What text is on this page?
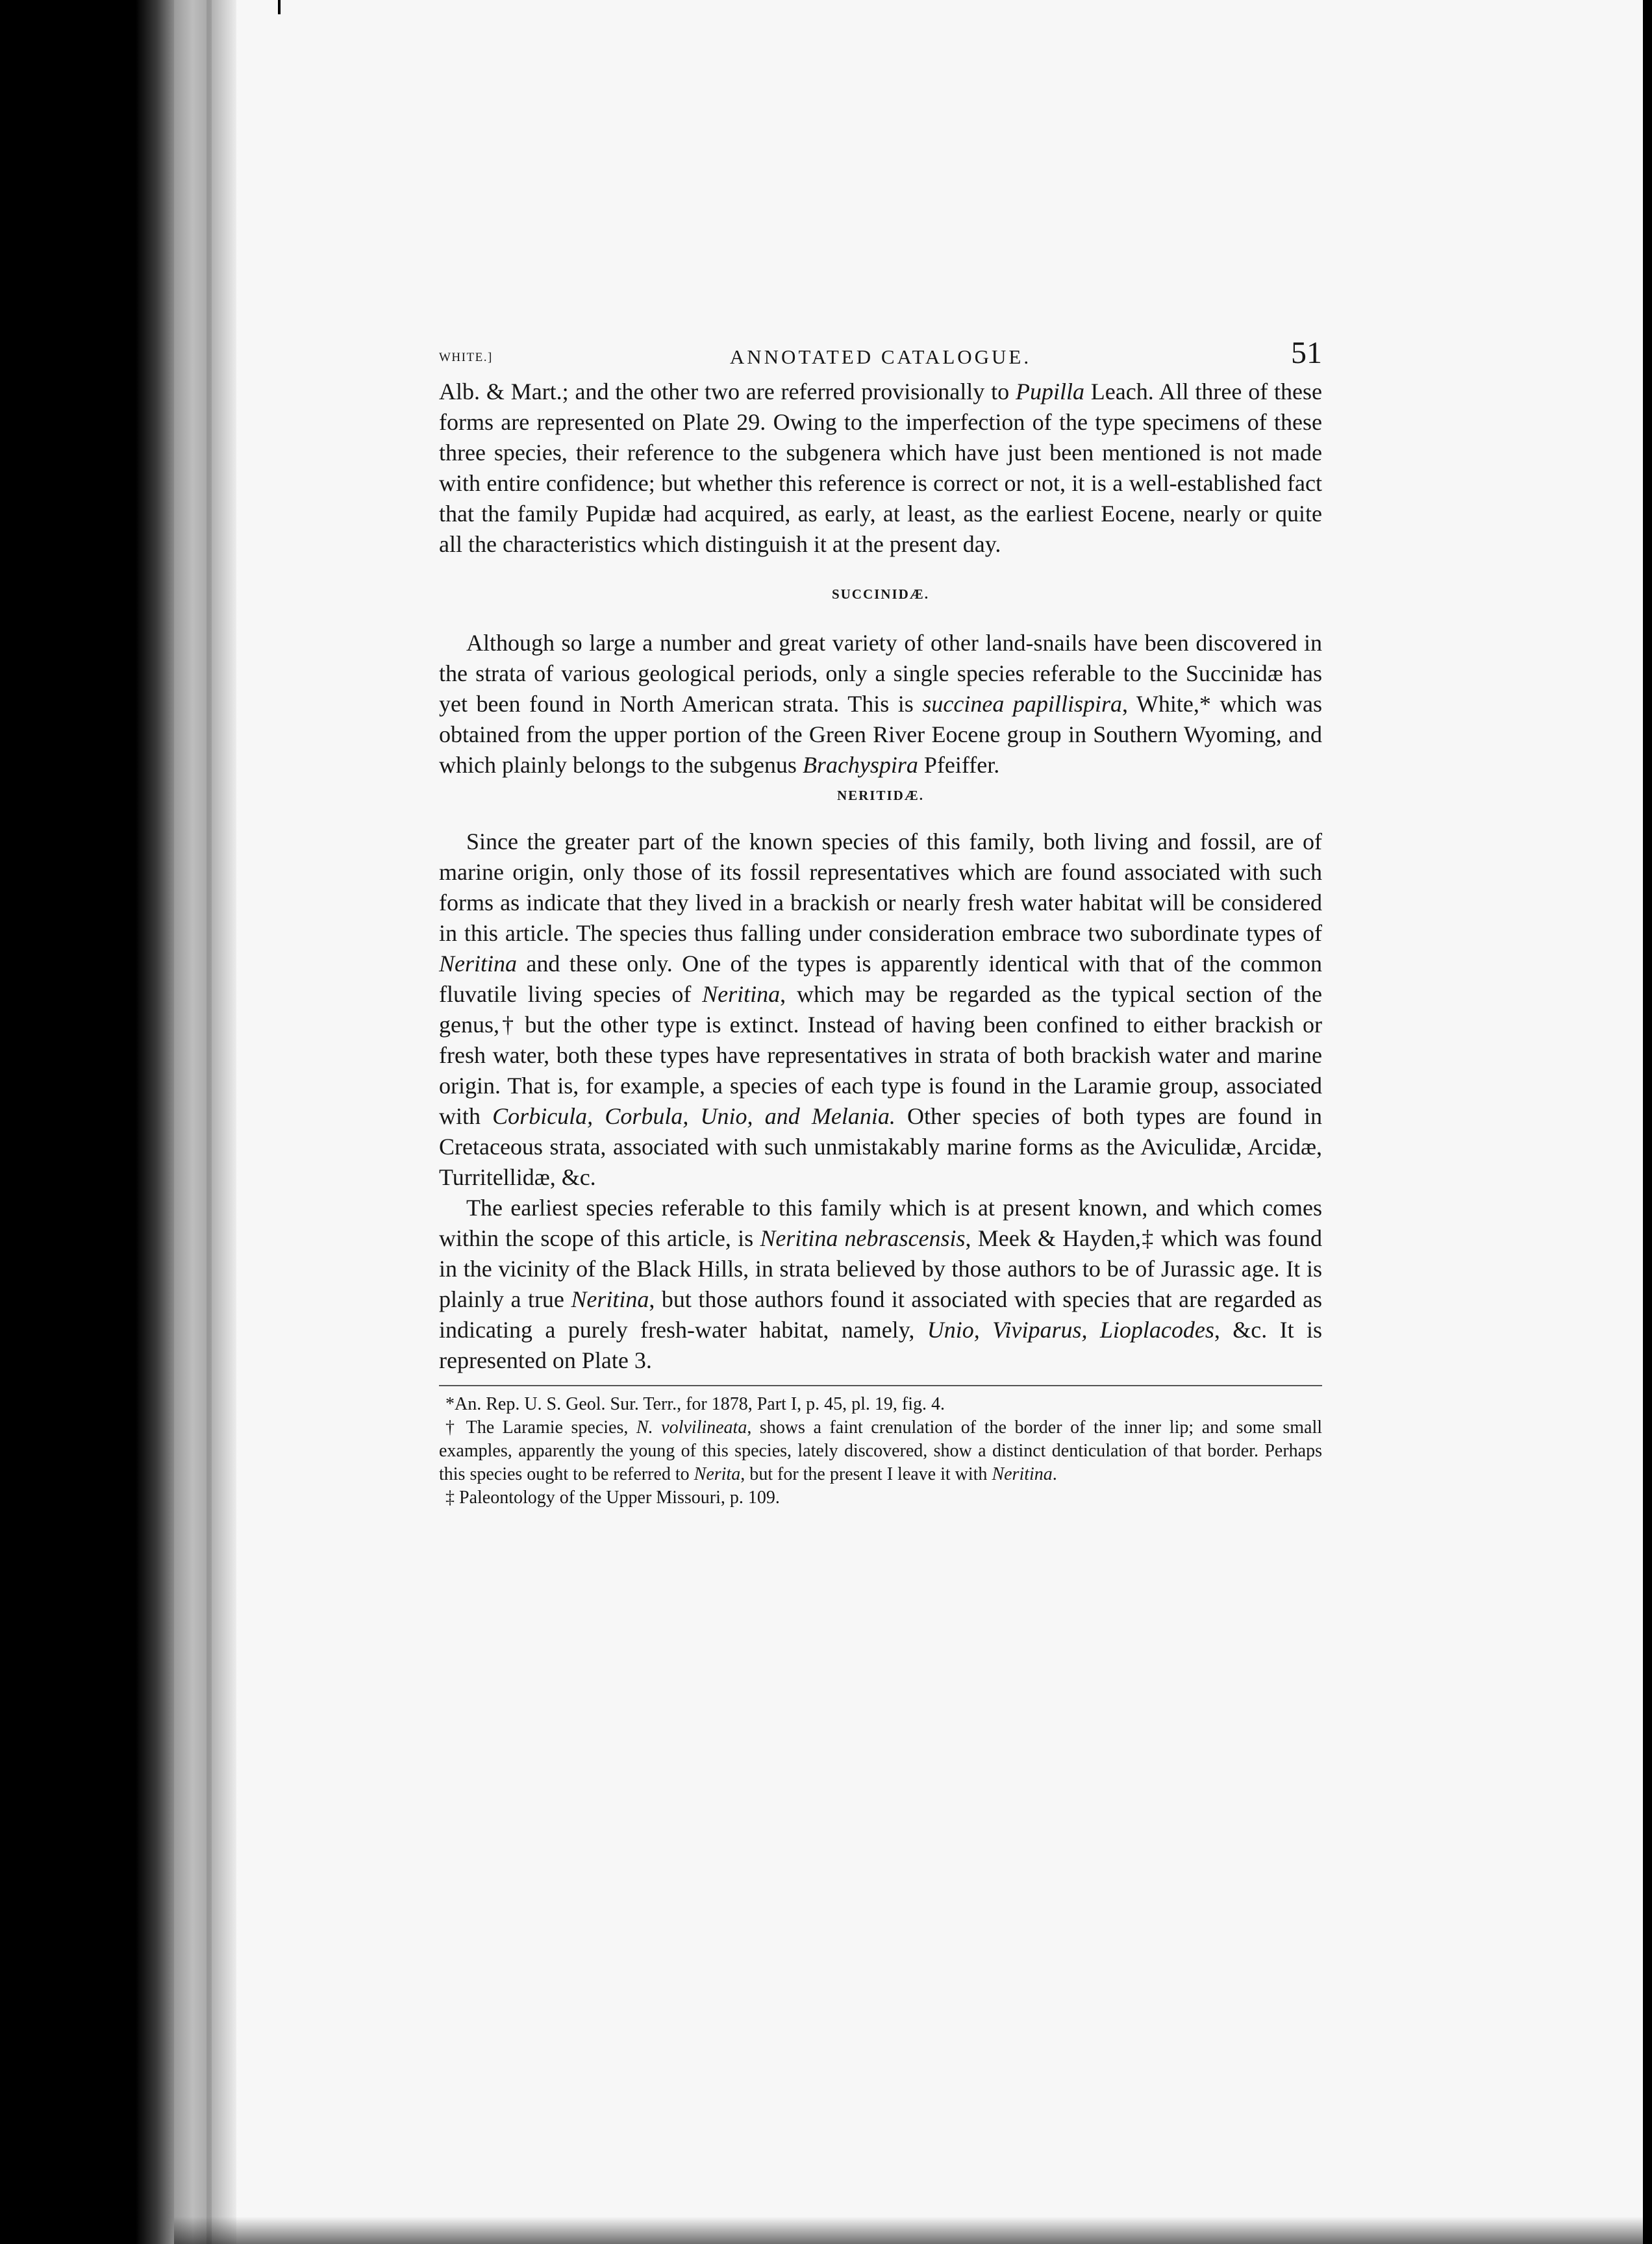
WHITE.]	ANNOTATED CATALOGUE.	51

Alb. & Mart.; and the other two are referred provisionally to Pupilla Leach. All three of these forms are represented on Plate 29. Owing to the imperfection of the type specimens of these three species, their reference to the subgenera which have just been mentioned is not made with entire confidence; but whether this reference is correct or not, it is a well-established fact that the family Pupidæ had acquired, as early, at least, as the earliest Eocene, nearly or quite all the characteristics which distinguish it at the present day.

SUCCINIDÆ.

Although so large a number and great variety of other land-snails have been discovered in the strata of various geological periods, only a single species referable to the Succinidæ has yet been found in North American strata. This is succinea papillispira, White,* which was obtained from the upper portion of the Green River Eocene group in Southern Wyoming, and which plainly belongs to the subgenus Brachyspira Pfeiffer.

NERITIDÆ.

Since the greater part of the known species of this family, both living and fossil, are of marine origin, only those of its fossil representatives which are found associated with such forms as indicate that they lived in a brackish or nearly fresh water habitat will be considered in this article. The species thus falling under consideration embrace two subordinate types of Neritina and these only. One of the types is apparently identical with that of the common fluvatile living species of Neritina, which may be regarded as the typical section of the genus,† but the other type is extinct. Instead of having been confined to either brackish or fresh water, both these types have representatives in strata of both brackish water and marine origin. That is, for example, a species of each type is found in the Laramie group, associated with Corbicula, Corbula, Unio, and Melania. Other species of both types are found in Cretaceous strata, associated with such unmistakably marine forms as the Aviculidæ, Arcidæ, Turritellidæ, &c.

The earliest species referable to this family which is at present known, and which comes within the scope of this article, is Neritina nebrascensis, Meek & Hayden,‡ which was found in the vicinity of the Black Hills, in strata believed by those authors to be of Jurassic age. It is plainly a true Neritina, but those authors found it associated with species that are regarded as indicating a purely fresh-water habitat, namely, Unio, Viviparus, Lioplacodes, &c. It is represented on Plate 3.

*An. Rep. U. S. Geol. Sur. Terr., for 1878, Part I, p. 45, pl. 19, fig. 4.

† The Laramie species, N. volvilineata, shows a faint crenulation of the border of the inner lip; and some small examples, apparently the young of this species, lately discovered, show a distinct denticulation of that border. Perhaps this species ought to be referred to Nerita, but for the present I leave it with Neritina.

‡ Paleontology of the Upper Missouri, p. 109.
